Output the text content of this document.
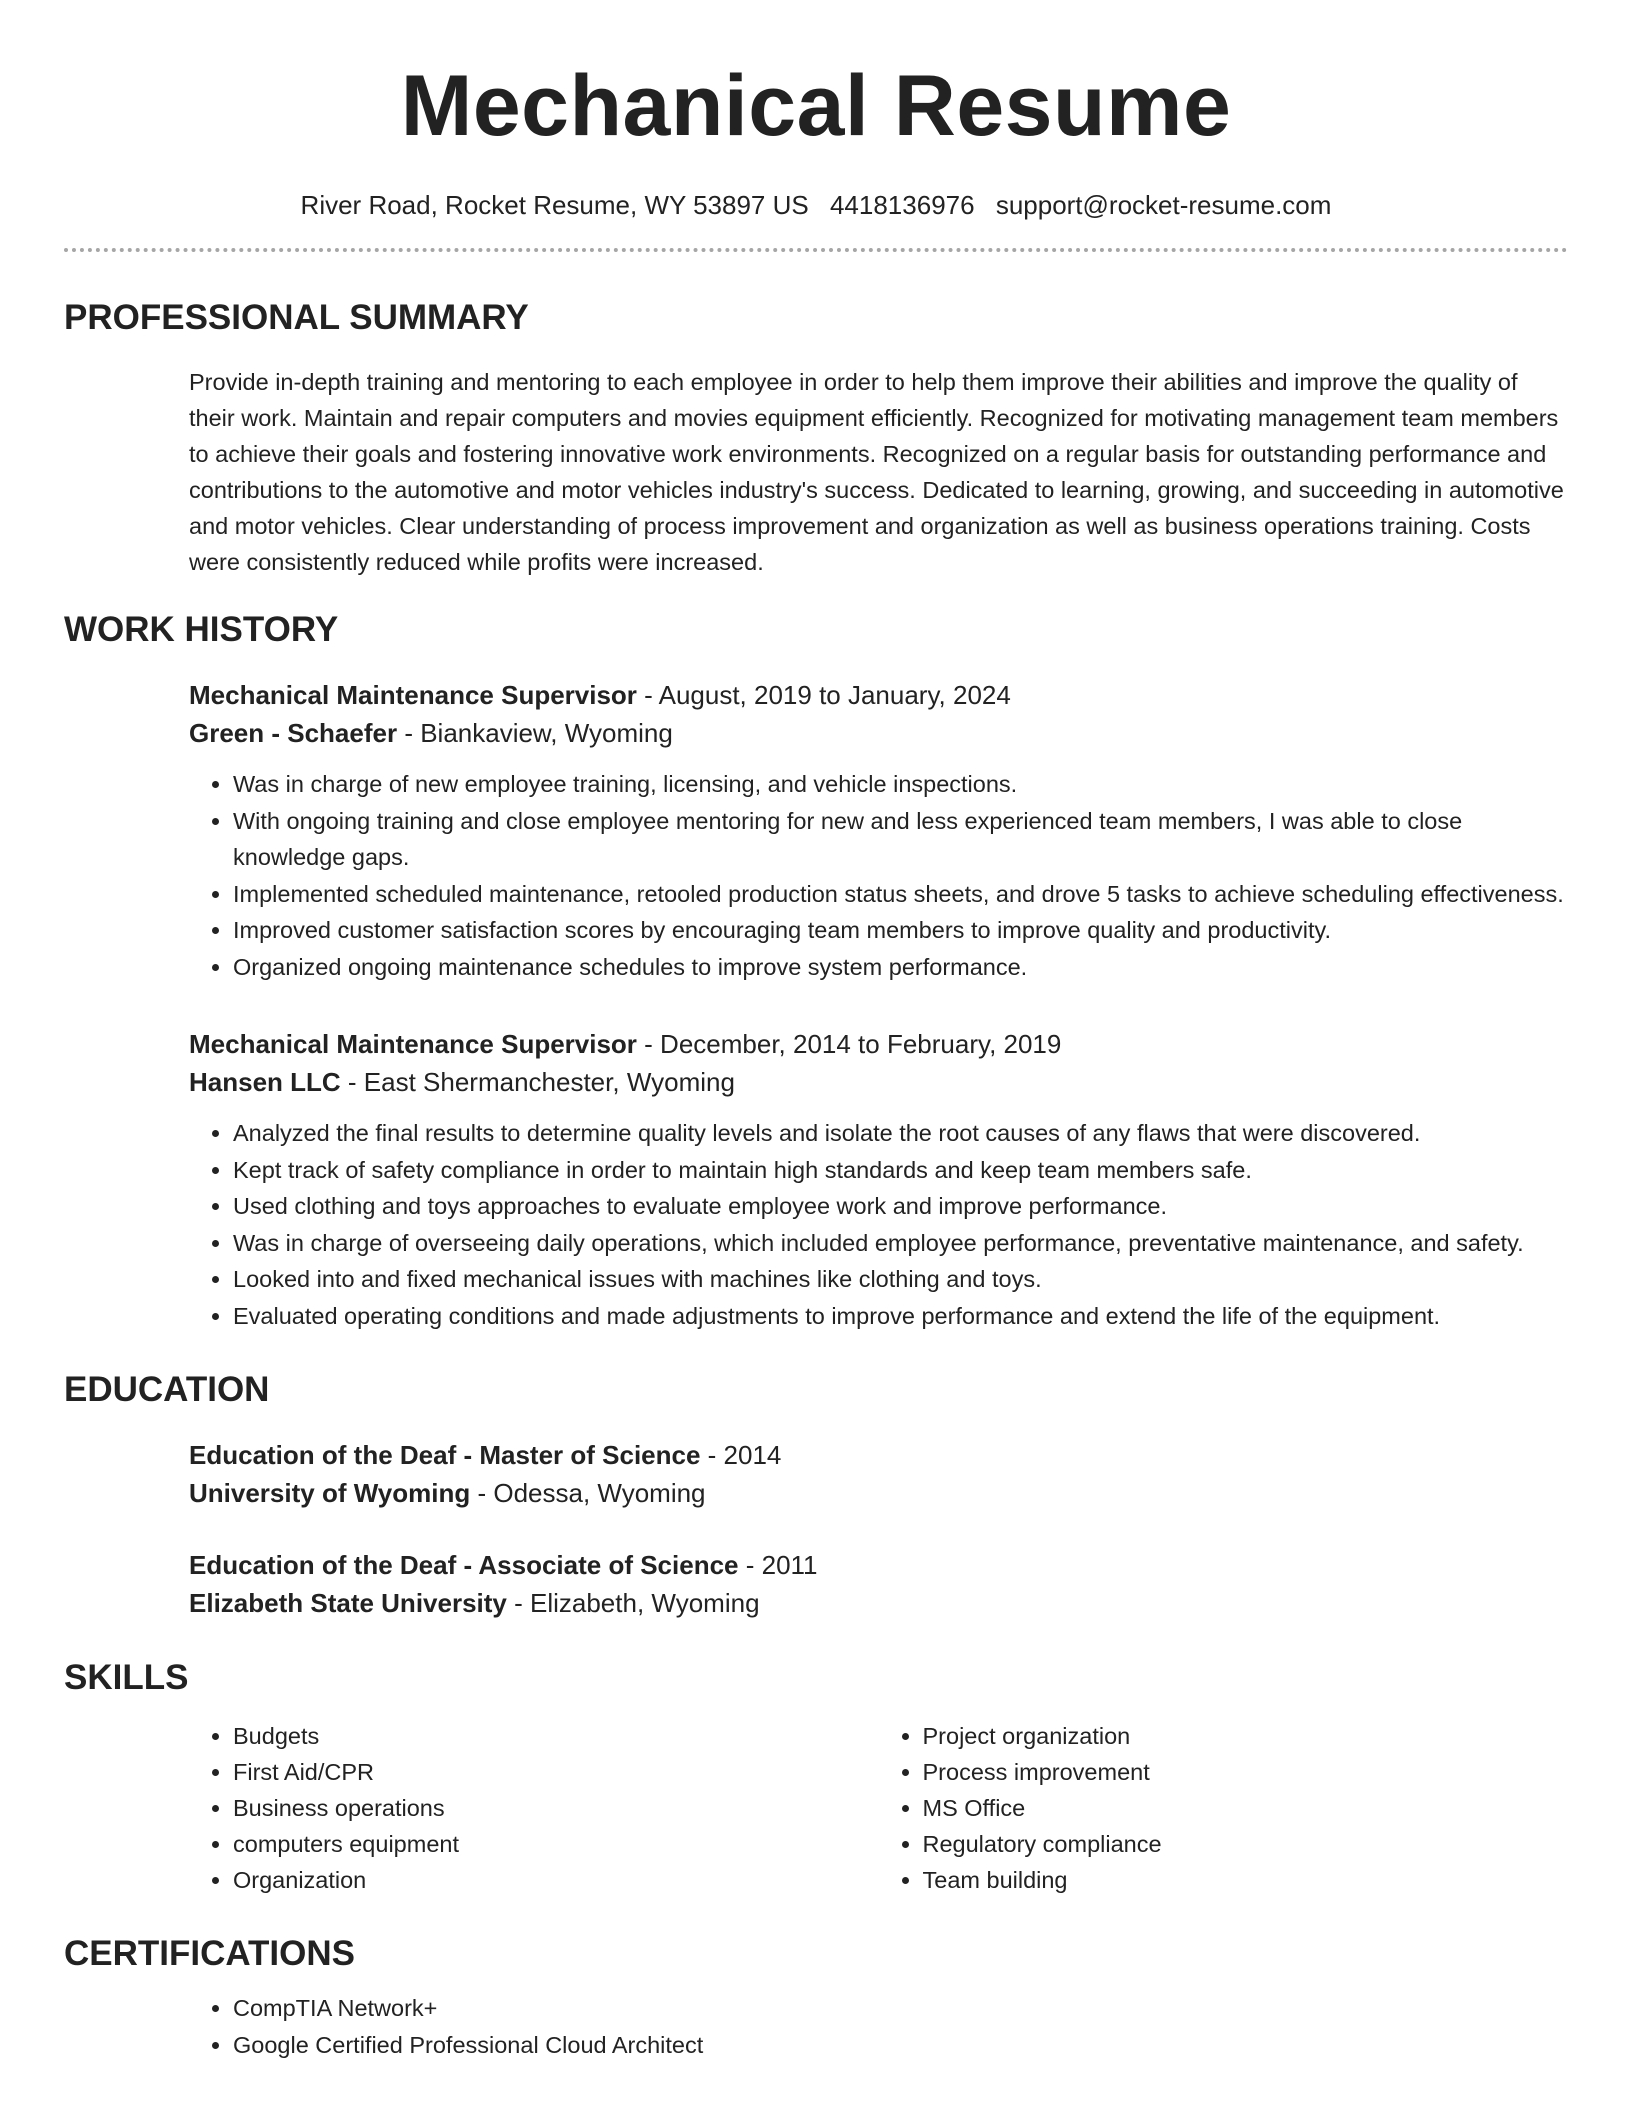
Mechanical Resume
River Road, Rocket Resume, WY 53897 US 4418136976 support@rocket-resume.com
PROFESSIONAL SUMMARY

Provide in-depth training and mentoring to each employee in order to help them improve their abilities and improve the quality of their work. Maintain and repair computers and movies equipment efficiently. Recognized for motivating management team members to achieve their goals and fostering innovative work environments. Recognized on a regular basis for outstanding performance and contributions to the automotive and motor vehicles industry's success. Dedicated to learning, growing, and succeeding in automotive and motor vehicles. Clear understanding of process improvement and organization as well as business operations training. Costs were consistently reduced while profits were increased.

WORK HISTORY
Mechanical Maintenance Supervisor - August, 2019 to January, 2024
Green - Schaefer - Biankaview, Wyoming
• Was in charge of new employee training, licensing, and vehicle inspections.
• With ongoing training and close employee mentoring for new and less experienced team members, I was able to close knowledge gaps.
• Implemented scheduled maintenance, retooled production status sheets, and drove 5 tasks to achieve scheduling effectiveness.
• Improved customer satisfaction scores by encouraging team members to improve quality and productivity.
• Organized ongoing maintenance schedules to improve system performance.
Mechanical Maintenance Supervisor - December, 2014 to February, 2019
Hansen LLC - East Shermanchester, Wyoming
• Analyzed the final results to determine quality levels and isolate the root causes of any flaws that were discovered.
• Kept track of safety compliance in order to maintain high standards and keep team members safe.
• Used clothing and toys approaches to evaluate employee work and improve performance.
• Was in charge of overseeing daily operations, which included employee performance, preventative maintenance, and safety.
• Looked into and fixed mechanical issues with machines like clothing and toys.
• Evaluated operating conditions and made adjustments to improve performance and extend the life of the equipment.
EDUCATION
Education of the Deaf - Master of Science - 2014
University of Wyoming - Odessa, Wyoming
Education of the Deaf - Associate of Science - 2011
Elizabeth State University - Elizabeth, Wyoming
SKILLS
• Budgets
• First Aid/CPR
• Business operations
• computers equipment
• Organization
• Project organization
• Process improvement
• MS Office
• Regulatory compliance
• Team building
CERTIFICATIONS
• CompTIA Network+
• Google Certified Professional Cloud Architect
